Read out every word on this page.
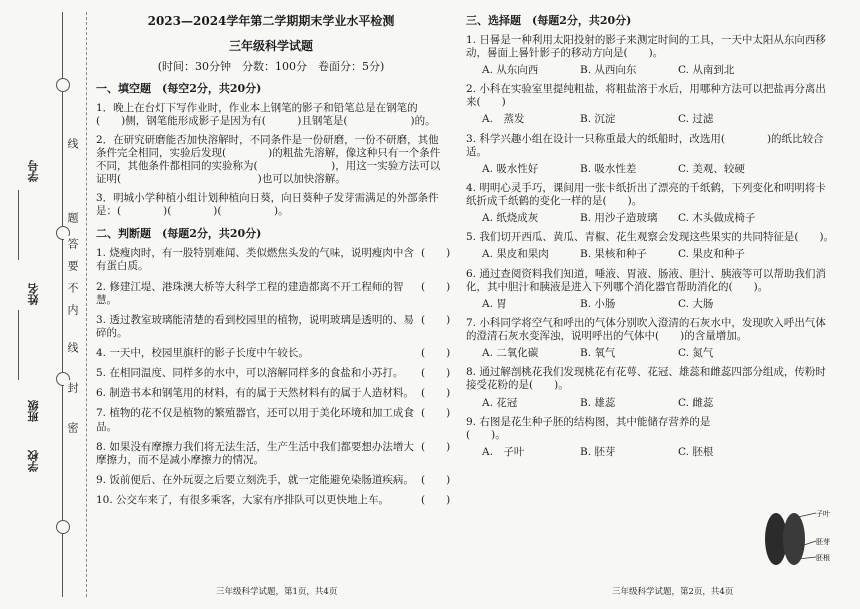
学号
姓名
班级
学校
线
题
答
要
不
内
线
封
密
2023—2024学年第二学期期末学业水平检测
三年级科学试题
(时间：30分钟　分数：100分　卷面分：5分)
一、填空题　(每空2分，共20分)
1．晚上在台灯下写作业时，作业本上钢笔的影子和铅笔总是在钢笔的(　　)侧，钢笔能形成影子是因为有(　　　)且钢笔是(　　　　　　)的。
2．在研究研磨能否加快溶解时，不同条件是一份研磨，一份不研磨，其他条件完全相同，实验后发现(　　　　)的粗盐先溶解，像这种只有一个条件不同，其他条件都相同的实验称为(　　　　　　　)，用这一实验方法可以证明(　　　　　　　　　　　　　)也可以加快溶解。
3．明城小学种植小组计划种植向日葵，向日葵种子发芽需满足的外部条件是：(　　　　)(　　　　)(　　　　　)。
二、判断题　(每题2分，共20分)
1. 烧瘦肉时，有一股特别难闻、类似燃焦头发的气味，说明瘦肉中含有蛋白质。
(　　)
2. 修建江堤、港珠澳大桥等大科学工程的建造都离不开工程师的智慧。
(　　)
3. 透过教室玻璃能清楚的看到校园里的植物，说明玻璃是透明的、易碎的。
(　　)
4. 一天中，校园里旗杆的影子长度中午较长。	(　　)
5. 在相同温度、同样多的水中，可以溶解同样多的食盐和小苏打。 (　　)
6. 制造书本和钢笔用的材料，有的属于天然材料有的属于人造材料。 (　　)
7. 植物的花不仅是植物的繁殖器官，还可以用于美化环境和加工成食品。
(　　)
8. 如果没有摩擦力我们将无法生活，生产生活中我们都要想办法增大摩擦力，而不是减小摩擦力的情况。
(　　)
9. 饭前便后、在外玩耍之后要立刻洗手，就一定能避免染肠道疾病。 (　　)
10. 公交车来了，有很多乘客，大家有序排队可以更快地上车。	(　　)
三年级科学试题，第1页，共4页
三、选择题　(每题2分，共20分)
1. 日晷是一种利用太阳投射的影子来测定时间的工具，一天中太阳从东向西移动，晷面上晷针影子的移动方向是(　　)。
A. 从东向西	B. 从西向东	C. 从南到北
2. 小科在实验室里提纯粗盐，将粗盐溶于水后，用哪种方法可以把盐再分离出来(　　)
A.　蒸发	B. 沉淀	C. 过滤
3. 科学兴趣小组在设计一只称重最大的纸船时，改选用(　　　　)的纸比较合适。
A. 吸水性好	B. 吸水性差	C. 美观、较硬
4. 明明心灵手巧，课间用一张卡纸折出了漂亮的千纸鹤，下列变化和明明将卡纸折成千纸鹤的变化一样的是(　　)。
A. 纸烧成灰	B. 用沙子造玻璃	C. 木头做成椅子
5. 我们切开西瓜、黄瓜、青椒、花生观察会发现这些果实的共同特征是(　　)。
A. 果皮和果肉	B. 果核和种子	C. 果皮和种子
6. 通过查阅资料我们知道，唾液、胃液、肠液、胆汁、胰液等可以帮助我们消化，其中胆汁和胰液是进入下列哪个消化器官帮助消化的(　　)。
A. 胃	B. 小肠	C. 大肠
7. 小科同学将空气和呼出的气体分别吹入澄清的石灰水中，发现吹入呼出气体的澄清石灰水变浑浊，说明呼出的气体中(　　)的含量增加。
A. 二氧化碳	B. 氧气	C. 氮气
8. 通过解剖桃花我们发现桃花有花萼、花冠、雄蕊和雌蕊四部分组成，传粉时接受花粉的是(　　)。
A. 花冠	B. 雄蕊	C. 雌蕊
9. 右图是花生种子胚的结构图，其中能储存营养的是(　　)。
A.　子叶	B. 胚芽	C. 胚根
子叶
胚芽
胚根
三年级科学试题，第2页，共4页
